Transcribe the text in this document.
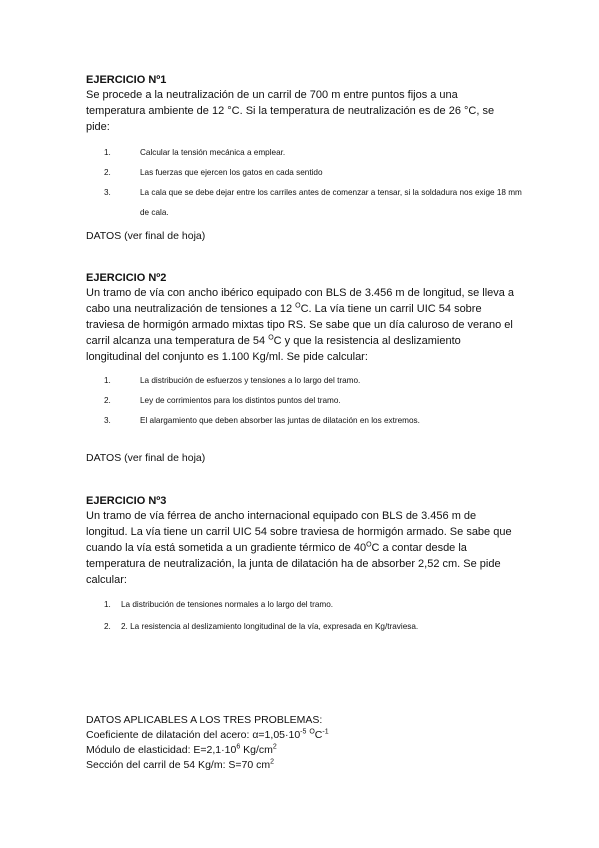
EJERCICIO Nº1

Se procede a la neutralización de un carril de 700 m entre puntos fijos a una temperatura ambiente de 12 °C. Si la temperatura de neutralización es de 26 °C, se pide:

1.	Calcular la tensión mecánica a emplear.
2.	Las fuerzas que ejercen los gatos en cada sentido
3.	La cala que se debe dejar entre los carriles antes de comenzar a tensar, si la soldadura nos exige 18 mm de cala.
DATOS (ver final de hoja)

EJERCICIO Nº2

Un tramo de vía con ancho ibérico equipado con BLS de 3.456 m de longitud, se lleva a cabo una neutralización de tensiones a 12 $^O$C. La vía tiene un carril UIC 54 sobre traviesa de hormigón armado mixtas tipo RS. Se sabe que un día caluroso de verano el carril alcanza una temperatura de 54 $^O$C y que la resistencia al deslizamiento longitudinal del conjunto es 1.100 Kg/ml. Se pide calcular:

1.	La distribución de esfuerzos y tensiones a lo largo del tramo.
2.	Ley de corrimientos para los distintos puntos del tramo.
3.	El alargamiento que deben absorber las juntas de dilatación en los extremos.
DATOS (ver final de hoja)

EJERCICIO Nº3

Un tramo de vía férrea de ancho internacional equipado con BLS de 3.456 m de longitud. La vía tiene un carril UIC 54 sobre traviesa de hormigón armado. Se sabe que cuando la vía está sometida a un gradiente térmico de $40^OC$ a contar desde la temperatura de neutralización, la junta de dilatación ha de absorber 2,52 cm. Se pide calcular:

1. La distribución de tensiones normales a lo largo del tramo.
2. 2. La resistencia al deslizamiento longitudinal de la vía, expresada en Kg/traviesa.
DATOS APLICABLES A LOS TRES PROBLEMAS:
Coeficiente de dilatación del acero: $\alpha=1,05\cdot 10^{-5}$ $^OC^{-1}$
Módulo de elasticidad: $E=2,1\cdot 10^6$ $Kg/cm^2$
Sección del carril de 54 Kg/m: S=70 $cm^2$
